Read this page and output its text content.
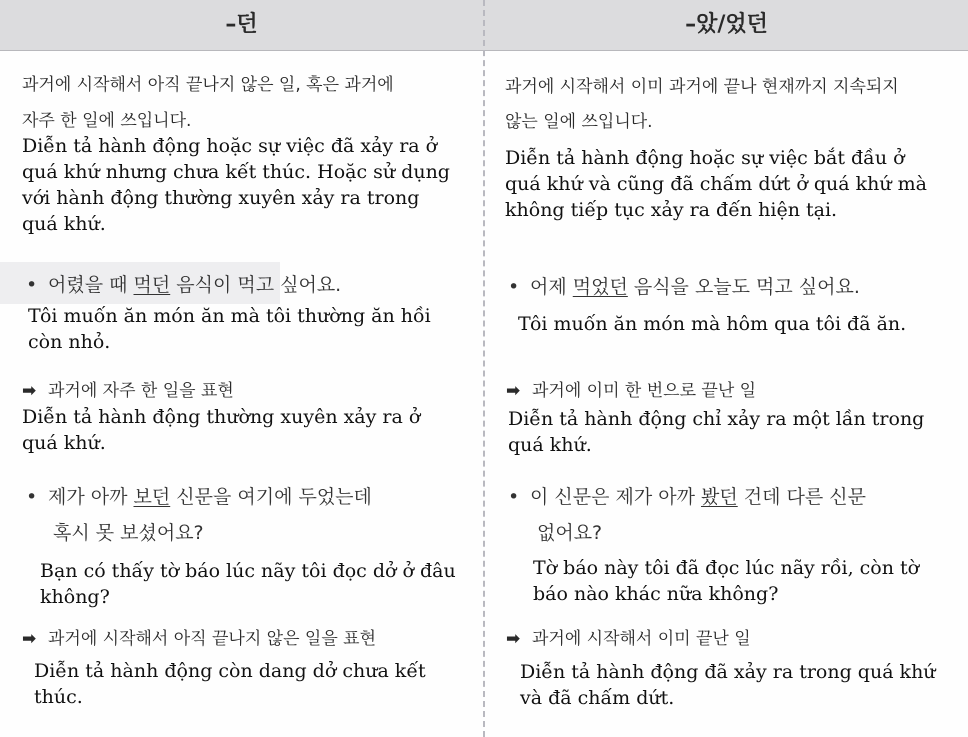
–던	–았/었던
과거에 시작해서 아직 끝나지 않은 일, 혹은 과거에
자주 한 일에 쓰입니다.
Diễn tả hành động hoặc sự việc đã xảy ra ở
quá khứ nhưng chưa kết thúc. Hoặc sử dụng
với hành động thường xuyên xảy ra trong
quá khứ.
• 어렸을 때 먹던 음식이 먹고 싶어요.
Tôi muốn ăn món ăn mà tôi thường ăn hồi
còn nhỏ.
➡ 과거에 자주 한 일을 표현
Diễn tả hành động thường xuyên xảy ra ở
quá khứ.
• 제가 아까 보던 신문을 여기에 두었는데
혹시 못 보셨어요?
Bạn có thấy tờ báo lúc nãy tôi đọc dở ở đâu
không?
➡ 과거에 시작해서 아직 끝나지 않은 일을 표현
Diễn tả hành động còn dang dở chưa kết
thúc.
과거에 시작해서 이미 과거에 끝나 현재까지 지속되지
않는 일에 쓰입니다.
Diễn tả hành động hoặc sự việc bắt đầu ở
quá khứ và cũng đã chấm dứt ở quá khứ mà
không tiếp tục xảy ra đến hiện tại.
• 어제 먹었던 음식을 오늘도 먹고 싶어요.
Tôi muốn ăn món mà hôm qua tôi đã ăn.
➡ 과거에 이미 한 번으로 끝난 일
Diễn tả hành động chỉ xảy ra một lần trong
quá khứ.
• 이 신문은 제가 아까 봤던 건데 다른 신문
없어요?
Tờ báo này tôi đã đọc lúc nãy rồi, còn tờ
báo nào khác nữa không?
➡ 과거에 시작해서 이미 끝난 일
Diễn tả hành động đã xảy ra trong quá khứ
và đã chấm dứt.
